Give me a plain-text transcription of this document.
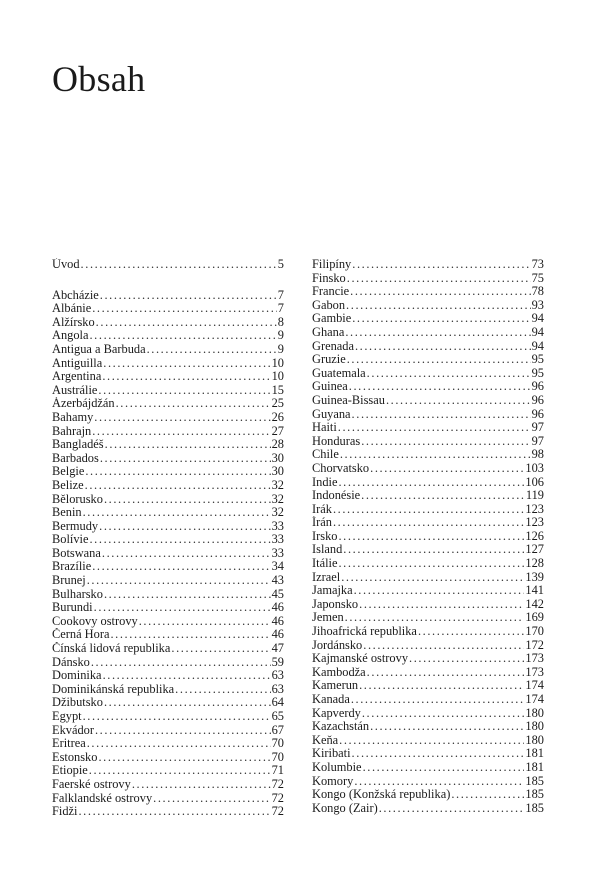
Obsah
Úvod .....	5
Abcházie .....	7
Albánie .....	7
Alžírsko .....	8
Angola .....	9
Antigua a Barbuda .....	9
Antiguilla .....	10
Argentina .....	10
Austrálie .....	15
Ázerbájdžán .....	25
Bahamy .....	26
Bahrajn .....	27
Bangladéš .....	28
Barbados .....	30
Belgie .....	30
Belize .....	32
Bělorusko .....	32
Benin .....	32
Bermudy .....	33
Bolívie .....	33
Botswana .....	33
Brazílie .....	34
Brunej .....	43
Bulharsko .....	45
Burundi .....	46
Cookovy ostrovy .....	46
Černá Hora .....	46
Čínská lidová republika .....	47
Dánsko .....	59
Dominika .....	63
Dominikánská republika .....	63
Džibutsko .....	64
Egypt .....	65
Ekvádor .....	67
Eritrea .....	70
Estonsko .....	70
Etiopie .....	71
Faerské ostrovy .....	72
Falklandské ostrovy .....	72
Fidži .....	72
Filipíny .....	73
Finsko .....	75
Francie .....	78
Gabon .....	93
Gambie .....	94
Ghana .....	94
Grenada .....	94
Gruzie .....	95
Guatemala .....	95
Guinea .....	96
Guinea-Bissau .....	96
Guyana .....	96
Haiti .....	97
Honduras .....	97
Chile .....	98
Chorvatsko .....	103
Indie .....	106
Indonésie .....	119
Irák .....	123
Írán .....	123
Irsko .....	126
Island .....	127
Itálie .....	128
Izrael .....	139
Jamajka .....	141
Japonsko .....	142
Jemen .....	169
Jihoafrická republika .....	170
Jordánsko .....	172
Kajmanské ostrovy .....	173
Kambodža .....	173
Kamerun .....	174
Kanada .....	174
Kapverdy .....	180
Kazachstán .....	180
Keňa .....	180
Kiribati .....	181
Kolumbie .....	181
Komory .....	185
Kongo (Konžská republika) .....	185
Kongo (Zair) .....	185
